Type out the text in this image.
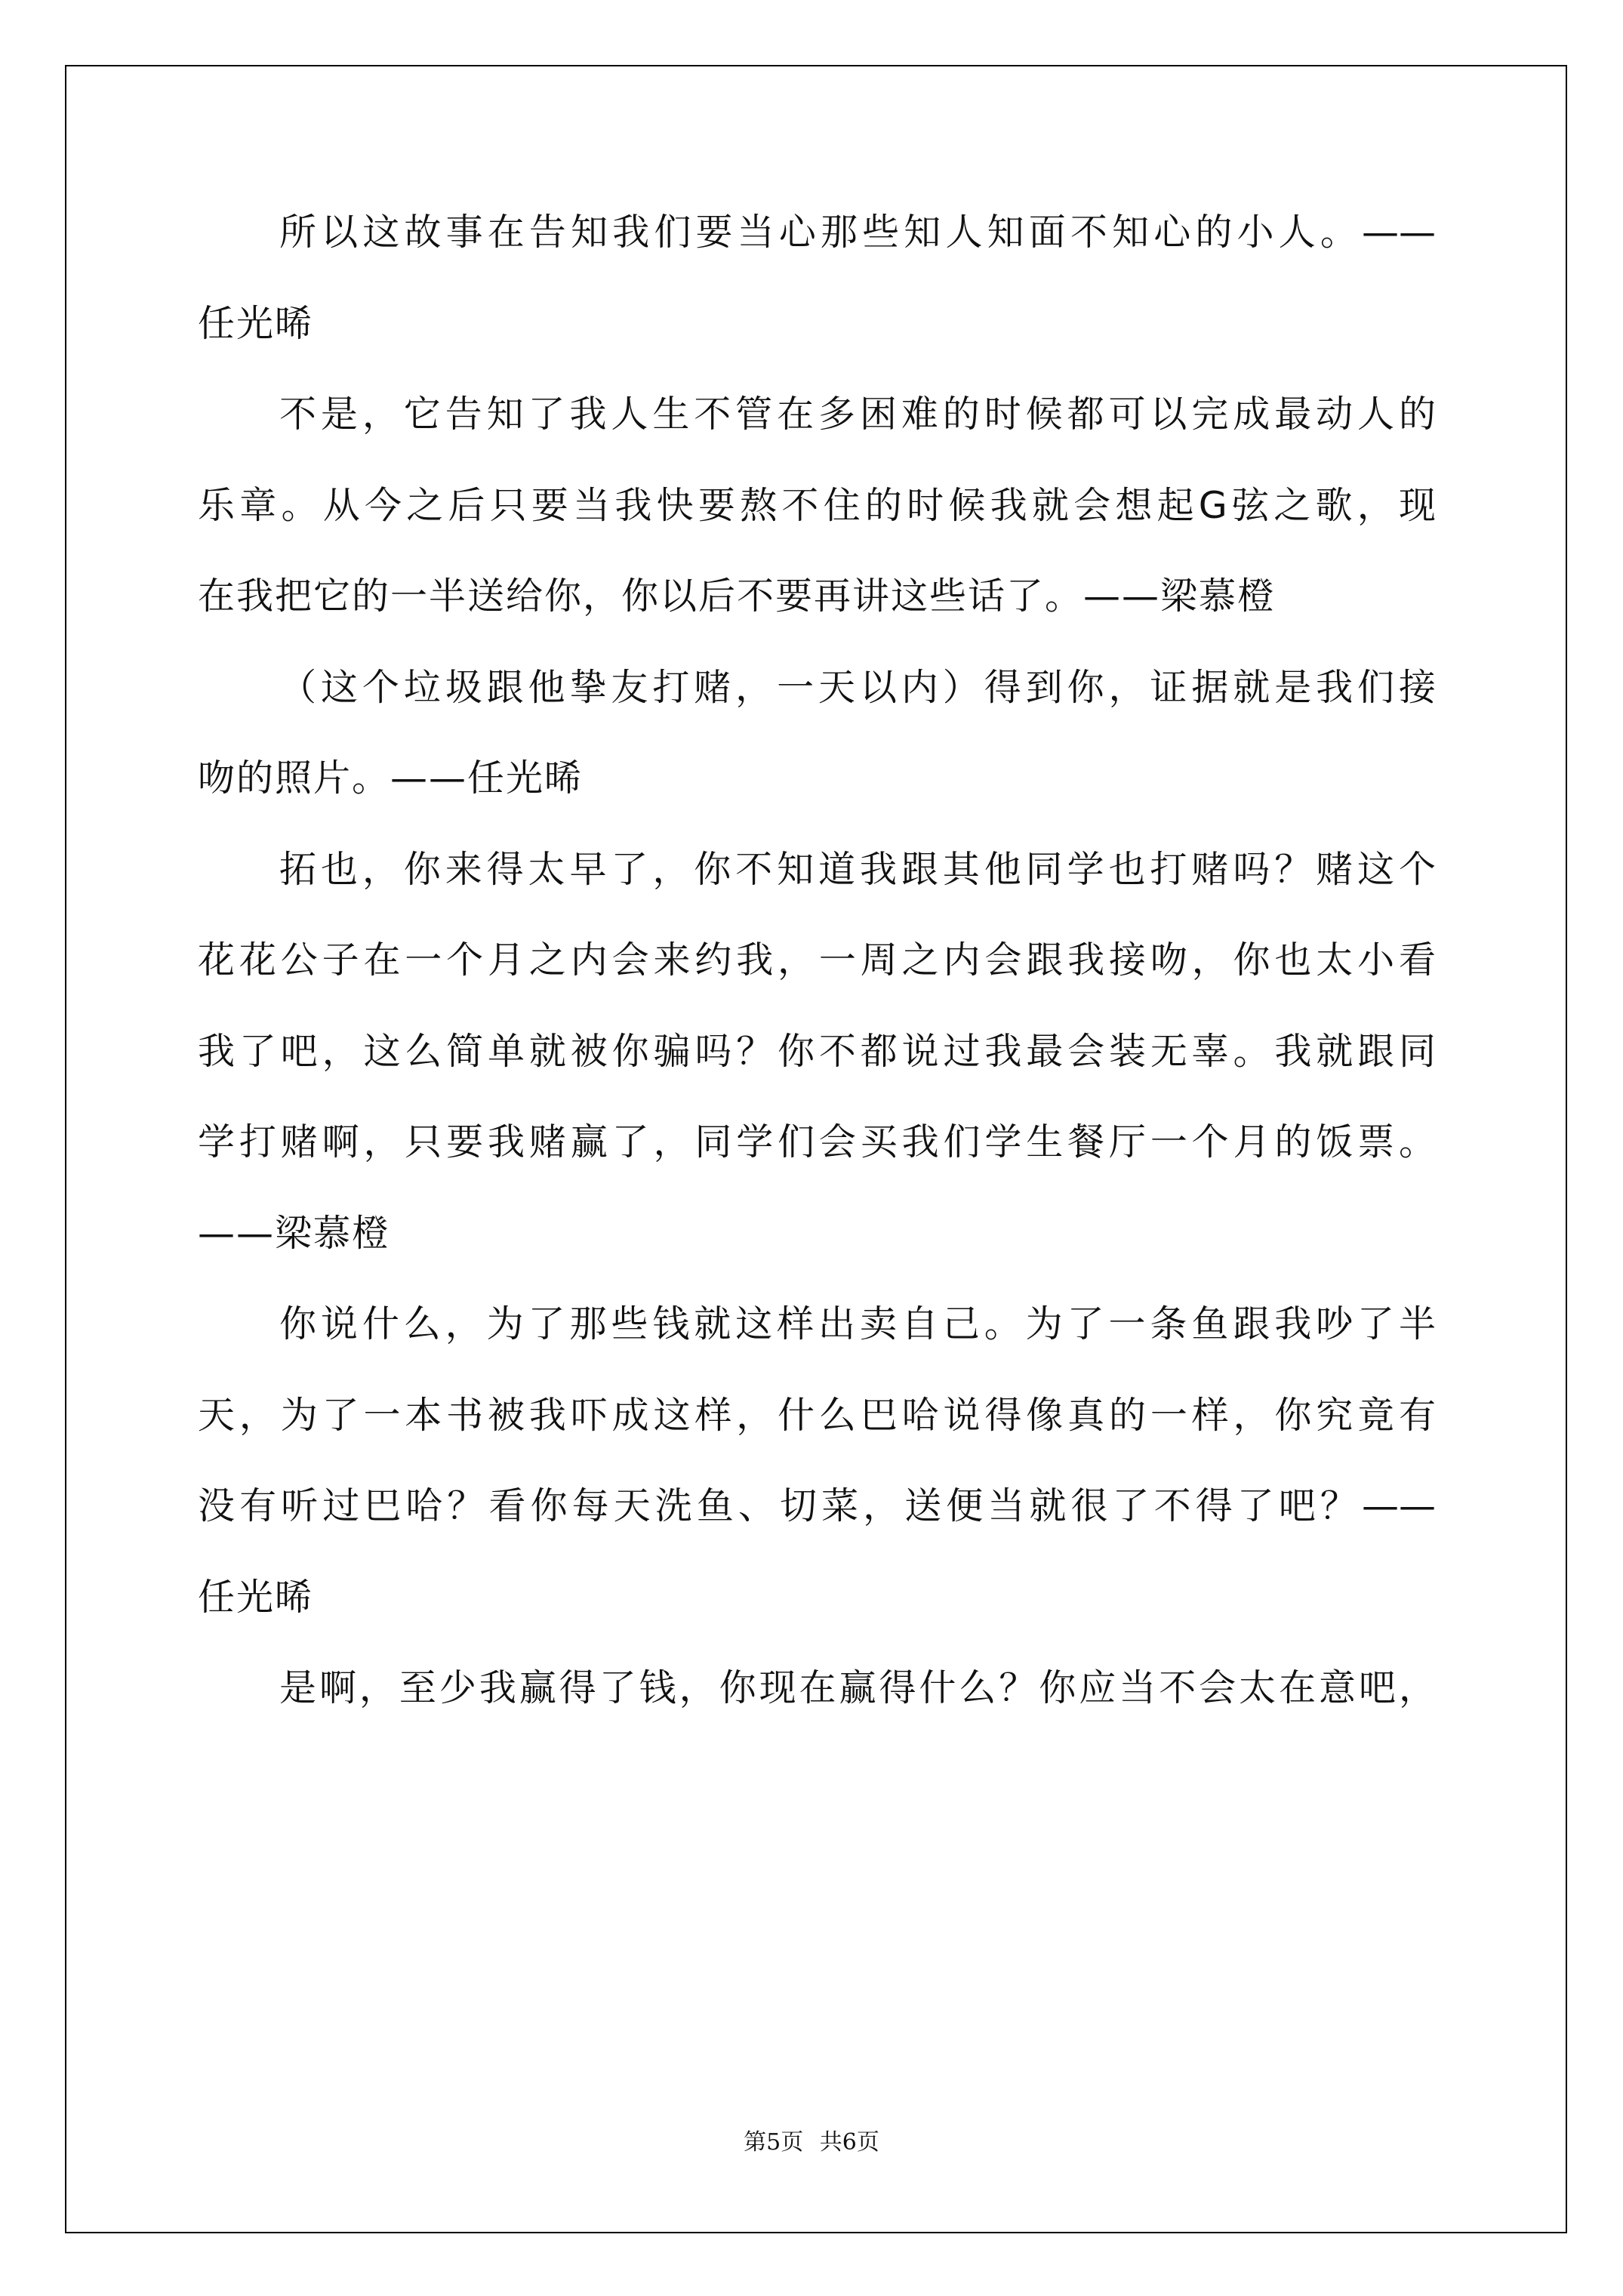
所以这故事在告知我们要当心那些知人知面不知心的小人。——
任光晞
不是，它告知了我人生不管在多困难的时候都可以完成最动人的
乐章。从今之后只要当我快要熬不住的时候我就会想起G弦之歌，现
在我把它的一半送给你，你以后不要再讲这些话了。——梁慕橙
（这个垃圾跟他挚友打赌，一天以内）得到你，证据就是我们接
吻的照片。——任光晞
拓也，你来得太早了，你不知道我跟其他同学也打赌吗？赌这个
花花公子在一个月之内会来约我，一周之内会跟我接吻，你也太小看
我了吧，这么简单就被你骗吗？你不都说过我最会装无辜。我就跟同
学打赌啊，只要我赌赢了，同学们会买我们学生餐厅一个月的饭票。
——梁慕橙
你说什么，为了那些钱就这样出卖自己。为了一条鱼跟我吵了半
天，为了一本书被我吓成这样，什么巴哈说得像真的一样，你究竟有
没有听过巴哈？看你每天洗鱼、切菜，送便当就很了不得了吧？——
任光晞
是啊，至少我赢得了钱，你现在赢得什么？你应当不会太在意吧，
第5页 共6页
